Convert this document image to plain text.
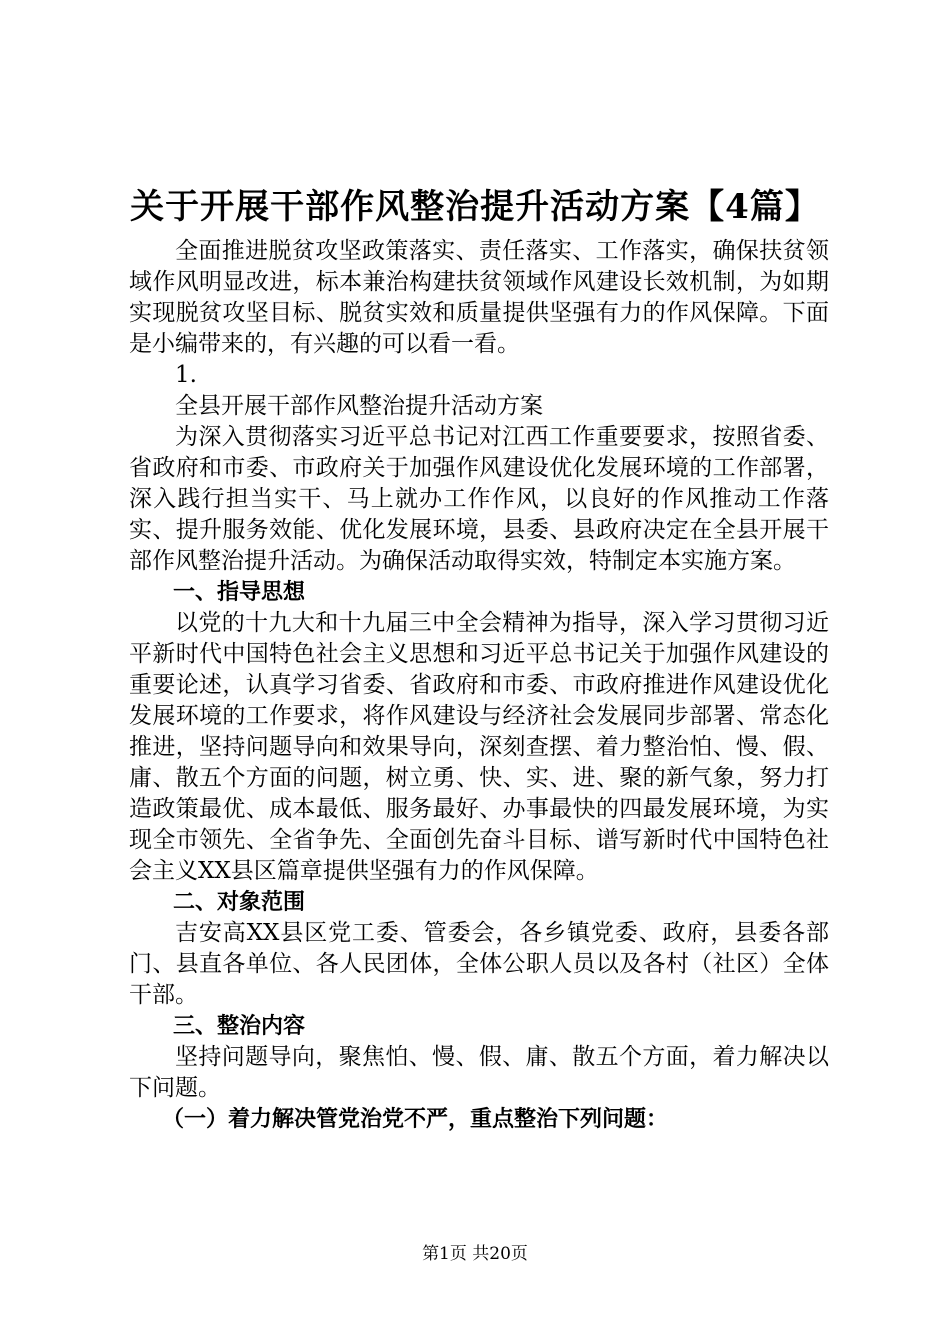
关于开展干部作风整治提升活动方案【4篇】

全面推进脱贫攻坚政策落实、责任落实、工作落实，确保扶贫领域作风明显改进，标本兼治构建扶贫领域作风建设长效机制，为如期实现脱贫攻坚目标、脱贫实效和质量提供坚强有力的作风保障。下面是小编带来的，有兴趣的可以看一看。

1.

全县开展干部作风整治提升活动方案

为深入贯彻落实习近平总书记对江西工作重要要求，按照省委、省政府和市委、市政府关于加强作风建设优化发展环境的工作部署，深入践行担当实干、马上就办工作作风，以良好的作风推动工作落实、提升服务效能、优化发展环境，县委、县政府决定在全县开展干部作风整治提升活动。为确保活动取得实效，特制定本实施方案。

一、指导思想

以党的十九大和十九届三中全会精神为指导，深入学习贯彻习近平新时代中国特色社会主义思想和习近平总书记关于加强作风建设的重要论述，认真学习省委、省政府和市委、市政府推进作风建设优化发展环境的工作要求，将作风建设与经济社会发展同步部署、常态化推进，坚持问题导向和效果导向，深刻查摆、着力整治怕、慢、假、庸、散五个方面的问题，树立勇、快、实、进、聚的新气象，努力打造政策最优、成本最低、服务最好、办事最快的四最发展环境，为实现全市领先、全省争先、全面创先奋斗目标、谱写新时代中国特色社会主义XX县区篇章提供坚强有力的作风保障。

二、对象范围

吉安高XX县区党工委、管委会，各乡镇党委、政府，县委各部门、县直各单位、各人民团体，全体公职人员以及各村（社区）全体干部。

三、整治内容

坚持问题导向，聚焦怕、慢、假、庸、散五个方面，着力解决以下问题。

（一）着力解决管党治党不严，重点整治下列问题：

第1页 共20页
